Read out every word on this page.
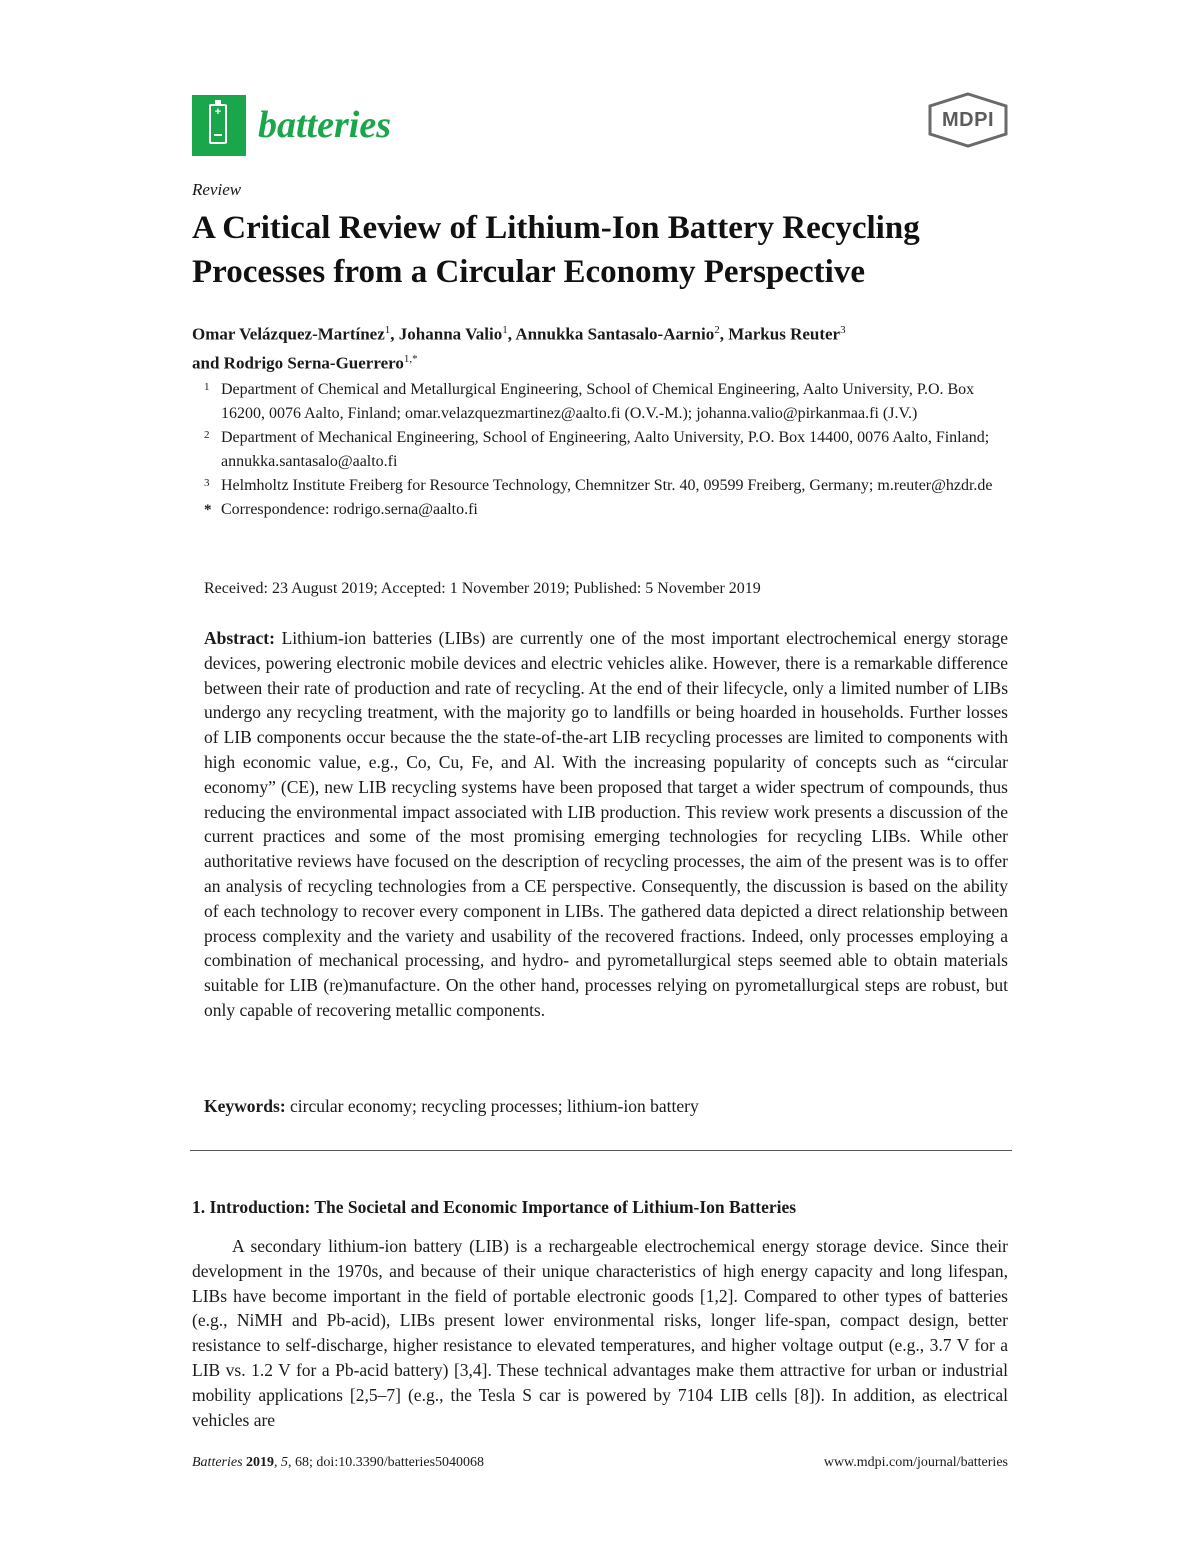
+ batteries	MDPI
Review
A Critical Review of Lithium-Ion Battery Recycling Processes from a Circular Economy Perspective
Omar Velázquez-Martínez$^1$, Johanna Valio$^1$, Annukka Santasalo-Aarnio$^2$, Markus Reuter$^3$
and Rodrigo Serna-Guerrero$^{1,*}$
1 Department of Chemical and Metallurgical Engineering, School of Chemical Engineering, Aalto University, P.O. Box 16200, 0076 Aalto, Finland; omar.velazquezmartinez@aalto.fi (O.V.-M.); johanna.valio@pirkanmaa.fi (J.V.)
2 Department of Mechanical Engineering, School of Engineering, Aalto University, P.O. Box 14400, 0076 Aalto, Finland; annukka.santasalo@aalto.fi
3 Helmholtz Institute Freiberg for Resource Technology, Chemnitzer Str. 40, 09599 Freiberg, Germany; m.reuter@hzdr.de
* Correspondence: rodrigo.serna@aalto.fi
Received: 23 August 2019; Accepted: 1 November 2019; Published: 5 November 2019

Abstract: Lithium-ion batteries (LIBs) are currently one of the most important electrochemical energy storage devices, powering electronic mobile devices and electric vehicles alike. However, there is a remarkable difference between their rate of production and rate of recycling. At the end of their lifecycle, only a limited number of LIBs undergo any recycling treatment, with the majority go to landfills or being hoarded in households. Further losses of LIB components occur because the the state-of-the-art LIB recycling processes are limited to components with high economic value, e.g., Co, Cu, Fe, and Al. With the increasing popularity of concepts such as “circular economy” (CE), new LIB recycling systems have been proposed that target a wider spectrum of compounds, thus reducing the environmental impact associated with LIB production. This review work presents a discussion of the current practices and some of the most promising emerging technologies for recycling LIBs. While other authoritative reviews have focused on the description of recycling processes, the aim of the present was is to offer an analysis of recycling technologies from a CE perspective. Consequently, the discussion is based on the ability of each technology to recover every component in LIBs. The gathered data depicted a direct relationship between process complexity and the variety and usability of the recovered fractions. Indeed, only processes employing a combination of mechanical processing, and hydro- and pyrometallurgical steps seemed able to obtain materials suitable for LIB (re)manufacture. On the other hand, processes relying on pyrometallurgical steps are robust, but only capable of recovering metallic components.

Keywords: circular economy; recycling processes; lithium-ion battery
1. Introduction: The Societal and Economic Importance of Lithium-Ion Batteries

A secondary lithium-ion battery (LIB) is a rechargeable electrochemical energy storage device. Since their development in the 1970s, and because of their unique characteristics of high energy capacity and long lifespan, LIBs have become important in the field of portable electronic goods [1,2]. Compared to other types of batteries (e.g., NiMH and Pb-acid), LIBs present lower environmental risks, longer life-span, compact design, better resistance to self-discharge, higher resistance to elevated temperatures, and higher voltage output (e.g., 3.7 V for a LIB vs. 1.2 V for a Pb-acid battery) [3,4]. These technical advantages make them attractive for urban or industrial mobility applications [2,5–7] (e.g., the Tesla S car is powered by 7104 LIB cells [8]). In addition, as electrical vehicles are

Batteries 2019, 5, 68; doi:10.3390/batteries5040068	www.mdpi.com/journal/batteries
